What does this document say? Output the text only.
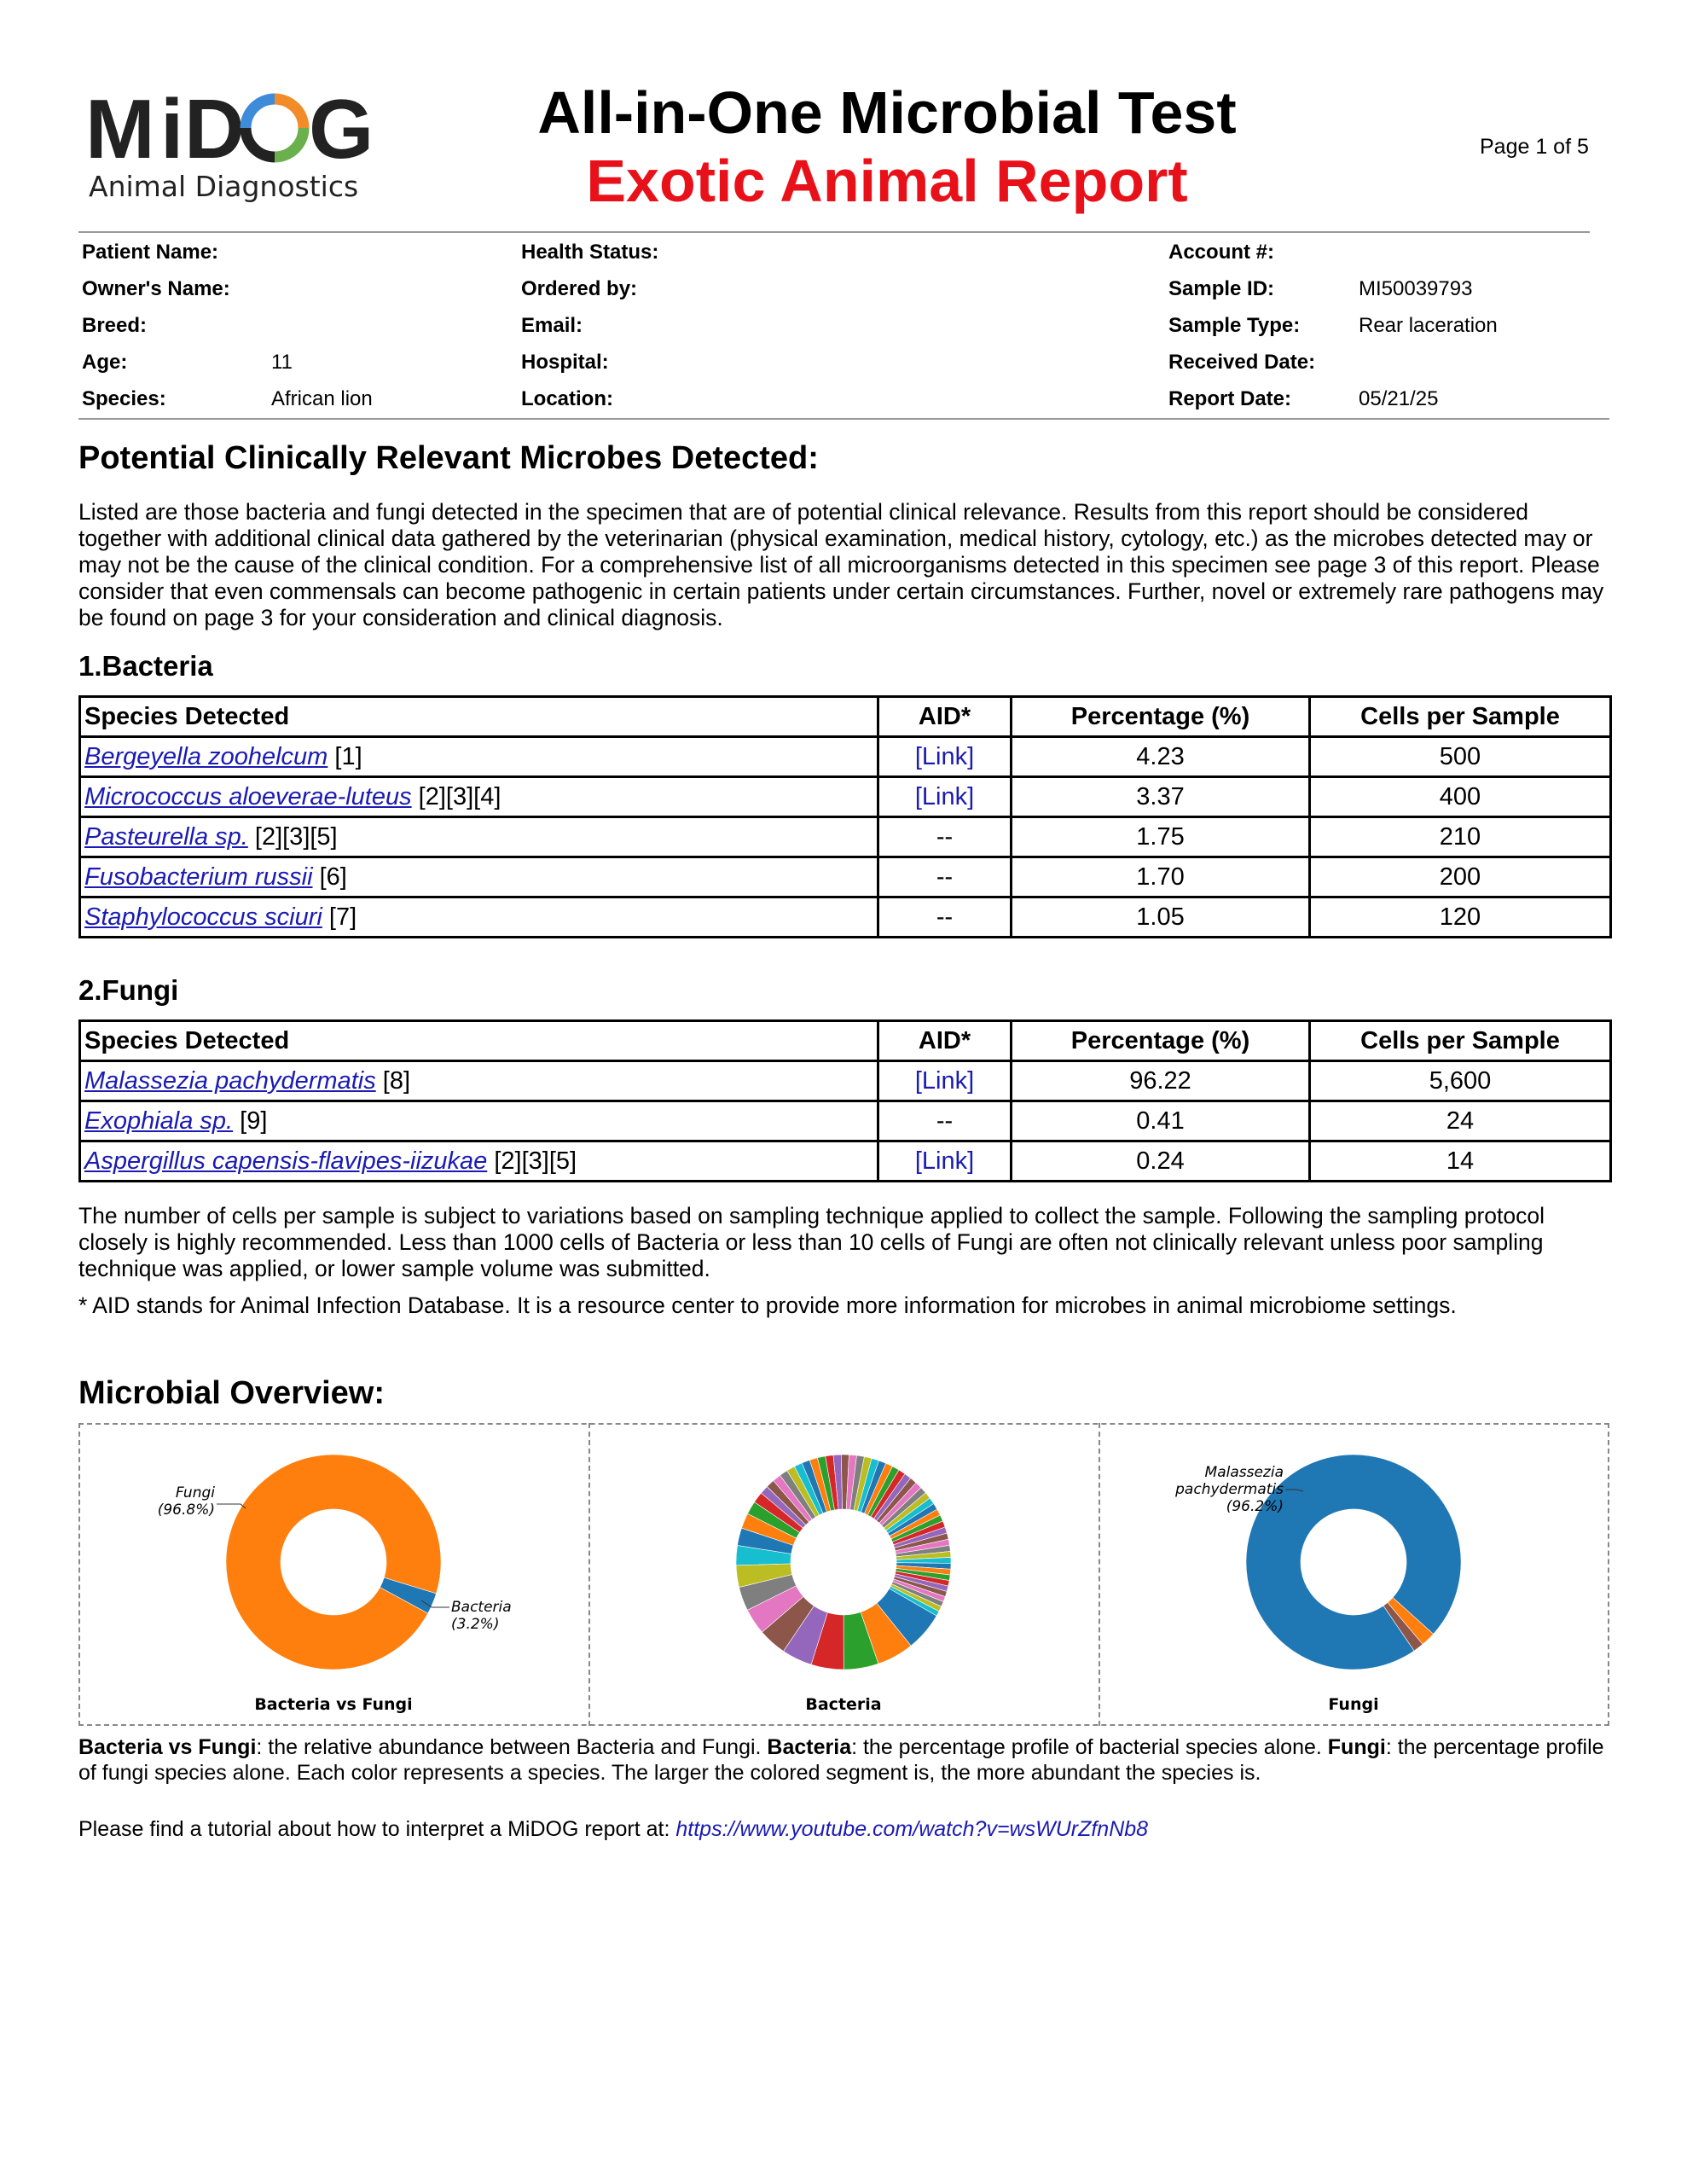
M i D G
Animal Diagnostics
All-in-One Microbial Test
Exotic Animal Report
Page 1 of 5
Patient Name:
Owner's Name:
Breed:
Age:	11
Species:	African lion
Health Status:
Ordered by:
Email:
Hospital:
Location:
Account #:
Sample ID:	MI50039793
Sample Type:	Rear laceration
Received Date:
Report Date:	05/21/25
Potential Clinically Relevant Microbes Detected:
Listed are those bacteria and fungi detected in the specimen that are of potential clinical relevance. Results from this report should be considered together with additional clinical data gathered by the veterinarian (physical examination, medical history, cytology, etc.) as the microbes detected may or may not be the cause of the clinical condition. For a comprehensive list of all microorganisms detected in this specimen see page 3 of this report. Please consider that even commensals can become pathogenic in certain patients under certain circumstances. Further, novel or extremely rare pathogens may be found on page 3 for your consideration and clinical diagnosis.
1.Bacteria
Species Detected	AID*	Percentage (%)	Cells per Sample
Bergeyella zoohelcum [1]	[Link]	4.23	500
Micrococcus aloeverae-luteus [2][3][4]	[Link]	3.37	400
Pasteurella sp. [2][3][5]	--	1.75	210
Fusobacterium russii [6]	--	1.70	200
Staphylococcus sciuri [7]	--	1.05	120
2.Fungi
Species Detected	AID*	Percentage (%)	Cells per Sample
Malassezia pachydermatis [8]	[Link]	96.22	5,600
Exophiala sp. [9]	--	0.41	24
Aspergillus capensis-flavipes-iizukae [2][3][5]	[Link]	0.24	14
The number of cells per sample is subject to variations based on sampling technique applied to collect the sample. Following the sampling protocol closely is highly recommended. Less than 1000 cells of Bacteria or less than 10 cells of Fungi are often not clinically relevant unless poor sampling technique was applied, or lower sample volume was submitted.
* AID stands for Animal Infection Database. It is a resource center to provide more information for microbes in animal microbiome settings.
Microbial Overview:
Fungi (96.8%)
Bacteria (3.2%)
Malassezia pachydermatis (96.2%)
Bacteria vs Fungi	Bacteria	Fungi
Bacteria vs Fungi: the relative abundance between Bacteria and Fungi. Bacteria: the percentage profile of bacterial species alone. Fungi: the percentage profile of fungi species alone. Each color represents a species. The larger the colored segment is, the more abundant the species is.
Please find a tutorial about how to interpret a MiDOG report at: https://www.youtube.com/watch?v=wsWUrZfnNb8
